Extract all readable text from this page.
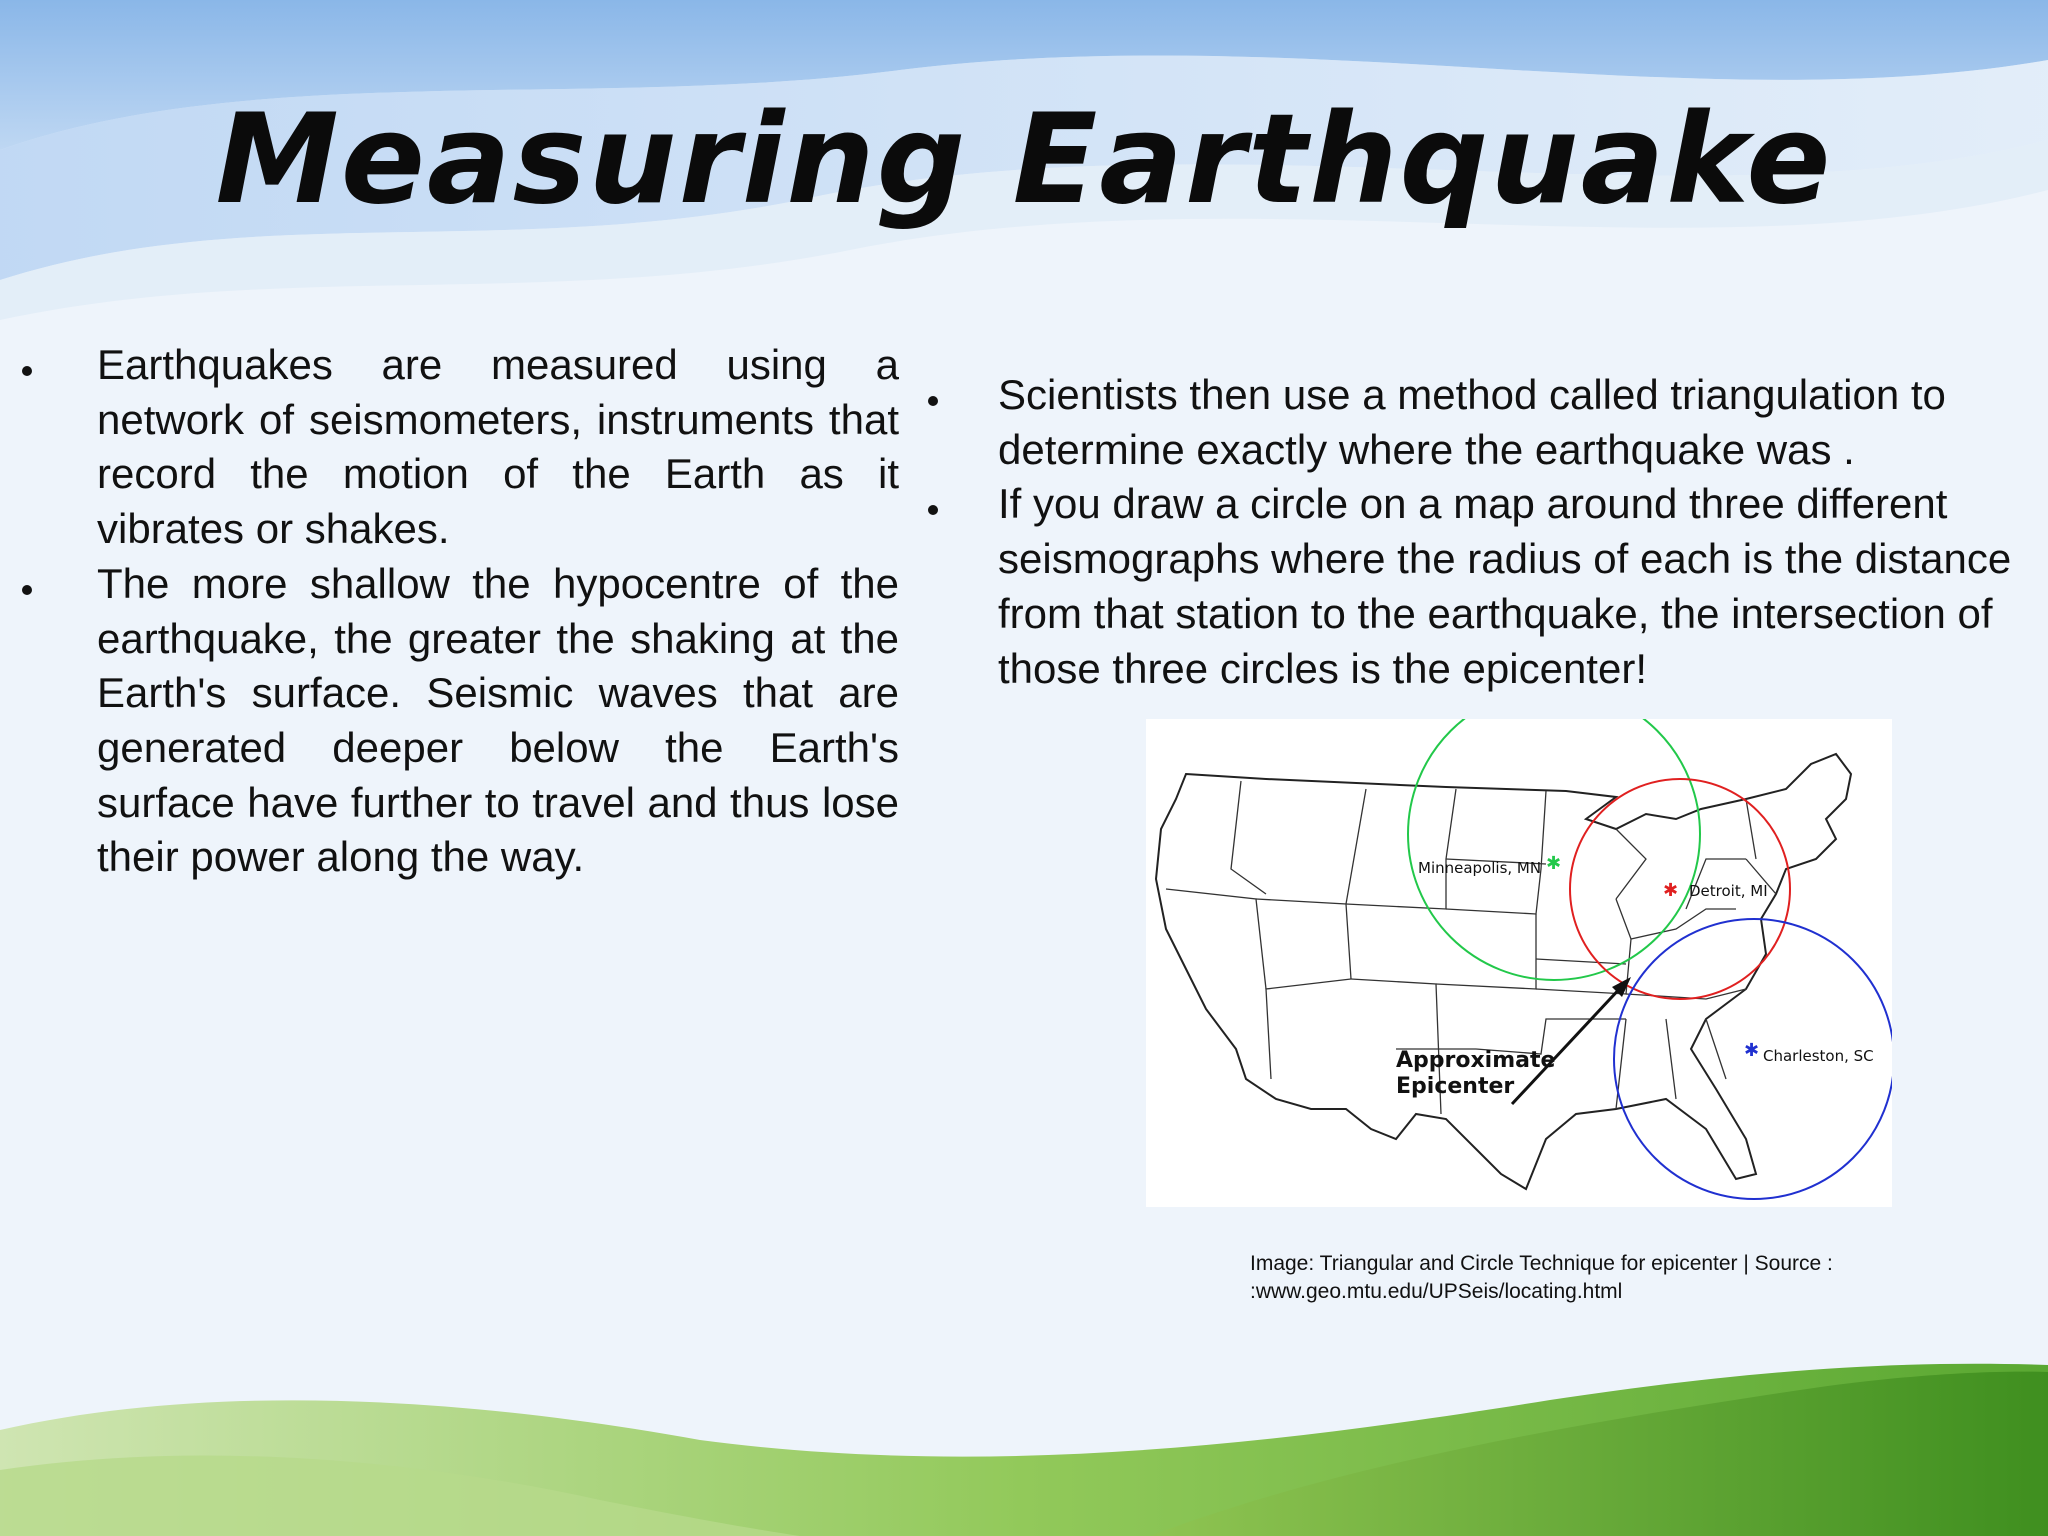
Measuring Earthquake
Earthquakes are measured using a network of seismometers, instruments that record the motion of the Earth as it vibrates or shakes.
The more shallow the hypocentre of the earthquake, the greater the shaking at the Earth's surface. Seismic waves that are generated deeper below the Earth's surface have further to travel and thus lose their power along the way.
Scientists then use a method called triangulation to determine exactly where the earthquake was .
If you draw a circle on a map around three different seismographs where the radius of each is the distance from that station to the earthquake, the intersection of those three circles is the epicenter!
✱
✱
✱
Minneapolis, MN
Detroit, MI
Charleston, SC
Approximate
Epicenter
Image: Triangular and Circle Technique for epicenter | Source :
:www.geo.mtu.edu/UPSeis/locating.html
